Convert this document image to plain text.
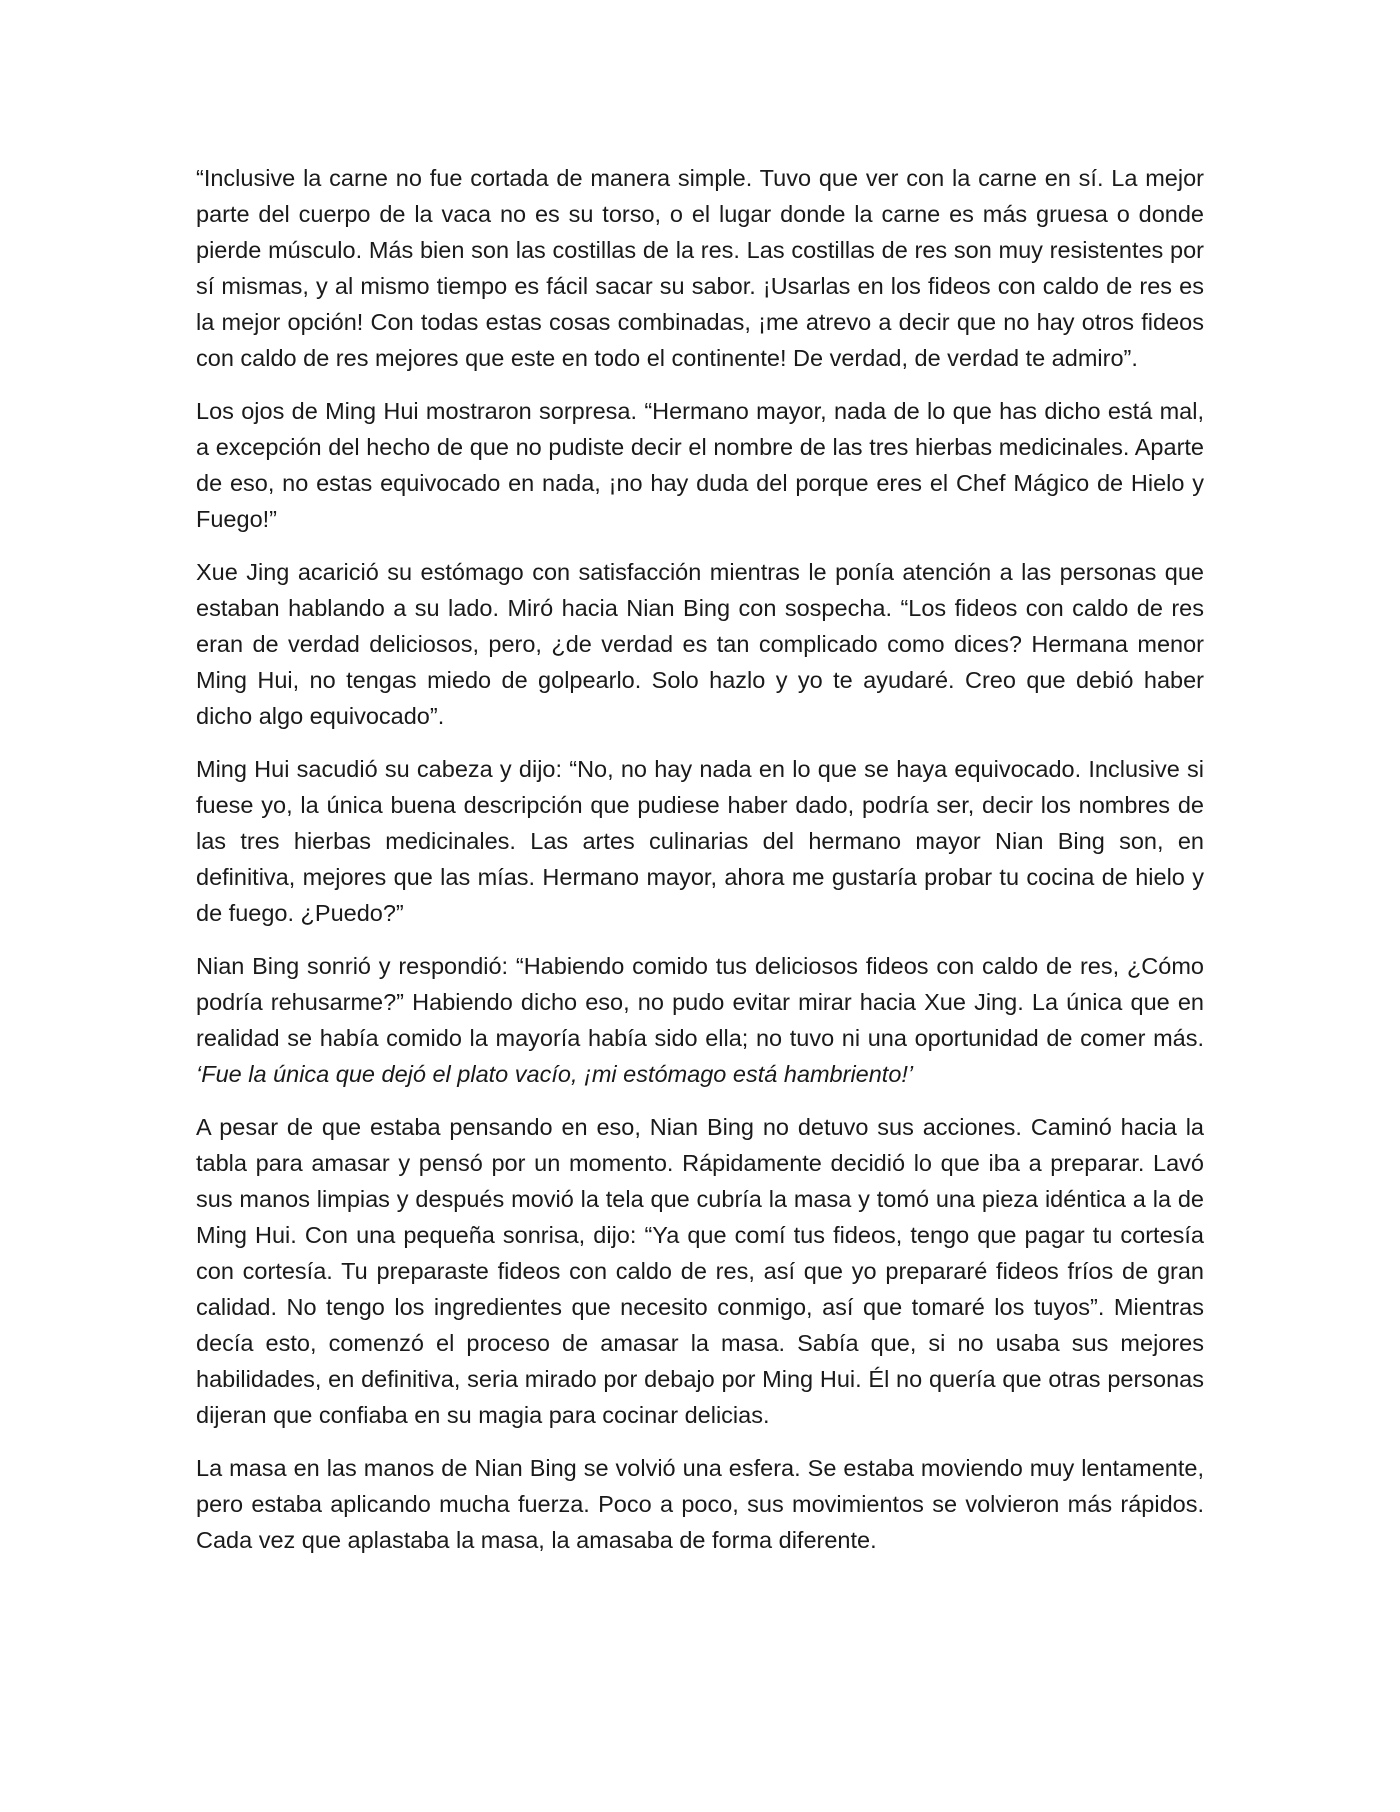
“Inclusive la carne no fue cortada de manera simple. Tuvo que ver con la carne en sí. La mejor parte del cuerpo de la vaca no es su torso, o el lugar donde la carne es más gruesa o donde pierde músculo. Más bien son las costillas de la res. Las costillas de res son muy resistentes por sí mismas, y al mismo tiempo es fácil sacar su sabor. ¡Usarlas en los fideos con caldo de res es la mejor opción! Con todas estas cosas combinadas, ¡me atrevo a decir que no hay otros fideos con caldo de res mejores que este en todo el continente! De verdad, de verdad te admiro”.

Los ojos de Ming Hui mostraron sorpresa. “Hermano mayor, nada de lo que has dicho está mal, a excepción del hecho de que no pudiste decir el nombre de las tres hierbas medicinales. Aparte de eso, no estas equivocado en nada, ¡no hay duda del porque eres el Chef Mágico de Hielo y Fuego!”

Xue Jing acarició su estómago con satisfacción mientras le ponía atención a las personas que estaban hablando a su lado. Miró hacia Nian Bing con sospecha. “Los fideos con caldo de res eran de verdad deliciosos, pero, ¿de verdad es tan complicado como dices? Hermana menor Ming Hui, no tengas miedo de golpearlo. Solo hazlo y yo te ayudaré. Creo que debió haber dicho algo equivocado”.

Ming Hui sacudió su cabeza y dijo: “No, no hay nada en lo que se haya equivocado. Inclusive si fuese yo, la única buena descripción que pudiese haber dado, podría ser, decir los nombres de las tres hierbas medicinales. Las artes culinarias del hermano mayor Nian Bing son, en definitiva, mejores que las mías. Hermano mayor, ahora me gustaría probar tu cocina de hielo y de fuego. ¿Puedo?”

Nian Bing sonrió y respondió: “Habiendo comido tus deliciosos fideos con caldo de res, ¿Cómo podría rehusarme?” Habiendo dicho eso, no pudo evitar mirar hacia Xue Jing. La única que en realidad se había comido la mayoría había sido ella; no tuvo ni una oportunidad de comer más. ‘Fue la única que dejó el plato vacío, ¡mi estómago está hambriento!’

A pesar de que estaba pensando en eso, Nian Bing no detuvo sus acciones. Caminó hacia la tabla para amasar y pensó por un momento. Rápidamente decidió lo que iba a preparar. Lavó sus manos limpias y después movió la tela que cubría la masa y tomó una pieza idéntica a la de Ming Hui. Con una pequeña sonrisa, dijo: “Ya que comí tus fideos, tengo que pagar tu cortesía con cortesía. Tu preparaste fideos con caldo de res, así que yo prepararé fideos fríos de gran calidad. No tengo los ingredientes que necesito conmigo, así que tomaré los tuyos”. Mientras decía esto, comenzó el proceso de amasar la masa. Sabía que, si no usaba sus mejores habilidades, en definitiva, seria mirado por debajo por Ming Hui. Él no quería que otras personas dijeran que confiaba en su magia para cocinar delicias.

La masa en las manos de Nian Bing se volvió una esfera. Se estaba moviendo muy lentamente, pero estaba aplicando mucha fuerza. Poco a poco, sus movimientos se volvieron más rápidos. Cada vez que aplastaba la masa, la amasaba de forma diferente.
